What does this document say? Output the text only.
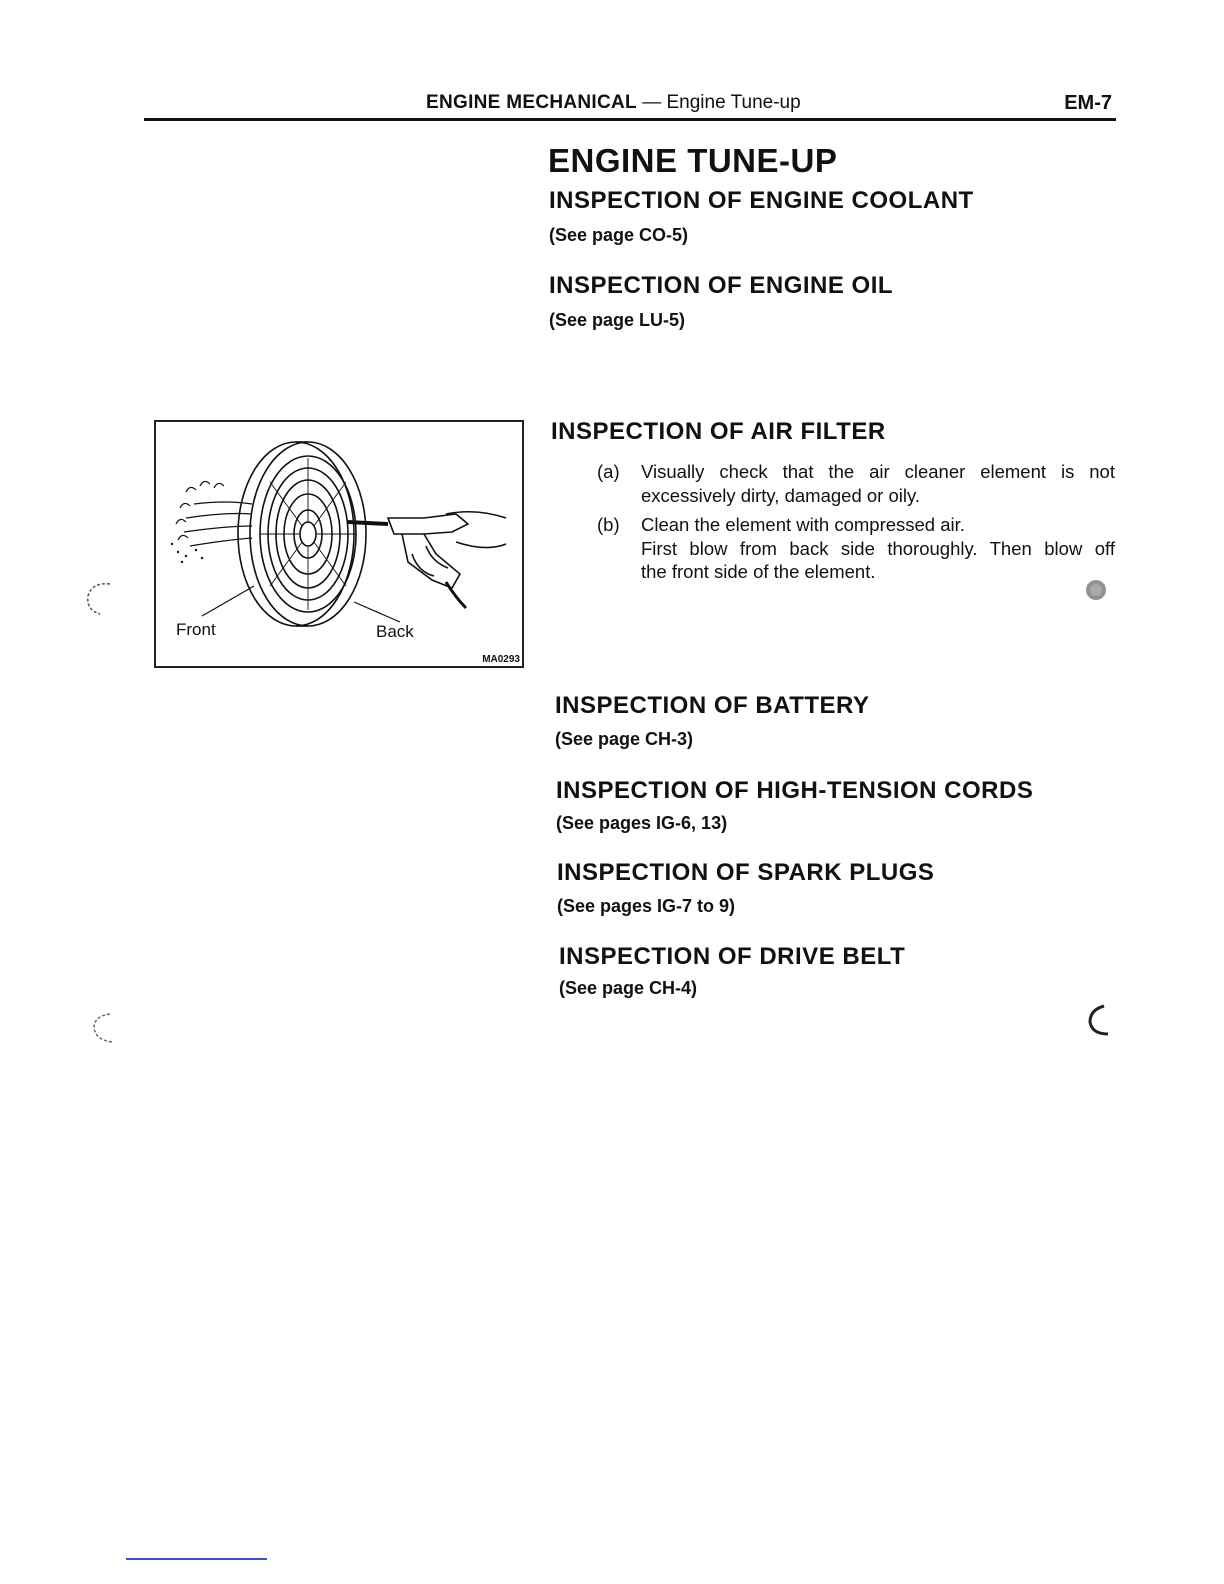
ENGINE MECHANICAL — Engine Tune-up	EM-7
ENGINE TUNE-UP
INSPECTION OF ENGINE COOLANT
(See page CO-5)
INSPECTION OF ENGINE OIL
(See page LU-5)
INSPECTION OF AIR FILTER
(a) Visually check that the air cleaner element is not
excessively dirty, damaged or oily.
(b) Clean the element with compressed air.
First blow from back side thoroughly. Then blow off
the front side of the element.
Front	Back
MA0293
INSPECTION OF BATTERY
(See page CH-3)
INSPECTION OF HIGH-TENSION CORDS
(See pages IG-6, 13)
INSPECTION OF SPARK PLUGS
(See pages IG-7 to 9)
INSPECTION OF DRIVE BELT
(See page CH-4)
